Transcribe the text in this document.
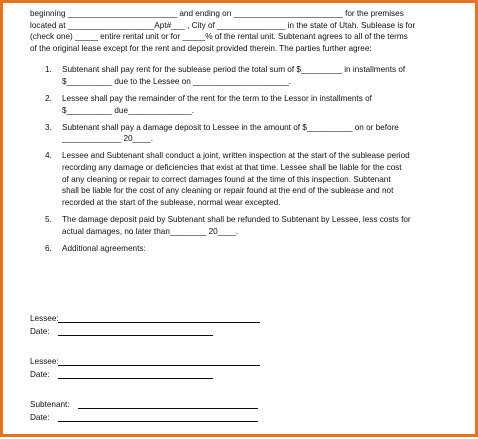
beginning ________________________ and ending on ________________________ for the premises
located at ___________________Apt#___ , City of _______________ in the state of Utah. Sublease is for
(check one) _____ entire rental unit or for _____% of the rental unit. Subtenant agrees to all of the terms
of the original lease except for the rent and deposit provided therein. The parties further agree:

1.	Subtenant shall pay rent for the sublease period the total sum of $_________ in installments of
$__________ due to the Lessee on _____________________.
2.	Lessee shall pay the remainder of the rent for the term to the Lessor in installments of
$__________ due______________.
3.	Subtenant shall pay a damage deposit to Lessee in the amount of $__________ on or before
_____________ 20____.
4.	Lessee and Subtenant shall conduct a joint, written inspection at the start of the sublease period
recording any damage or deficiencies that exist at that time. Lessee shall be liable for the cost
of any cleaning or repair to correct damages found at the time of this inspection. Subtenant
shall be liable for the cost of any cleaning or repair found at the end of the sublease and not
recorded at the start of the sublease, normal wear excepted.
5.	The damage deposit paid by Subtenant shall be refunded to Subtenant by Lessee, less costs for
actual damages, no later than________ 20____.
6.	Additional agreements:
Lessee:
Date:
Lessee:
Date:
Subtenant:
Date:
